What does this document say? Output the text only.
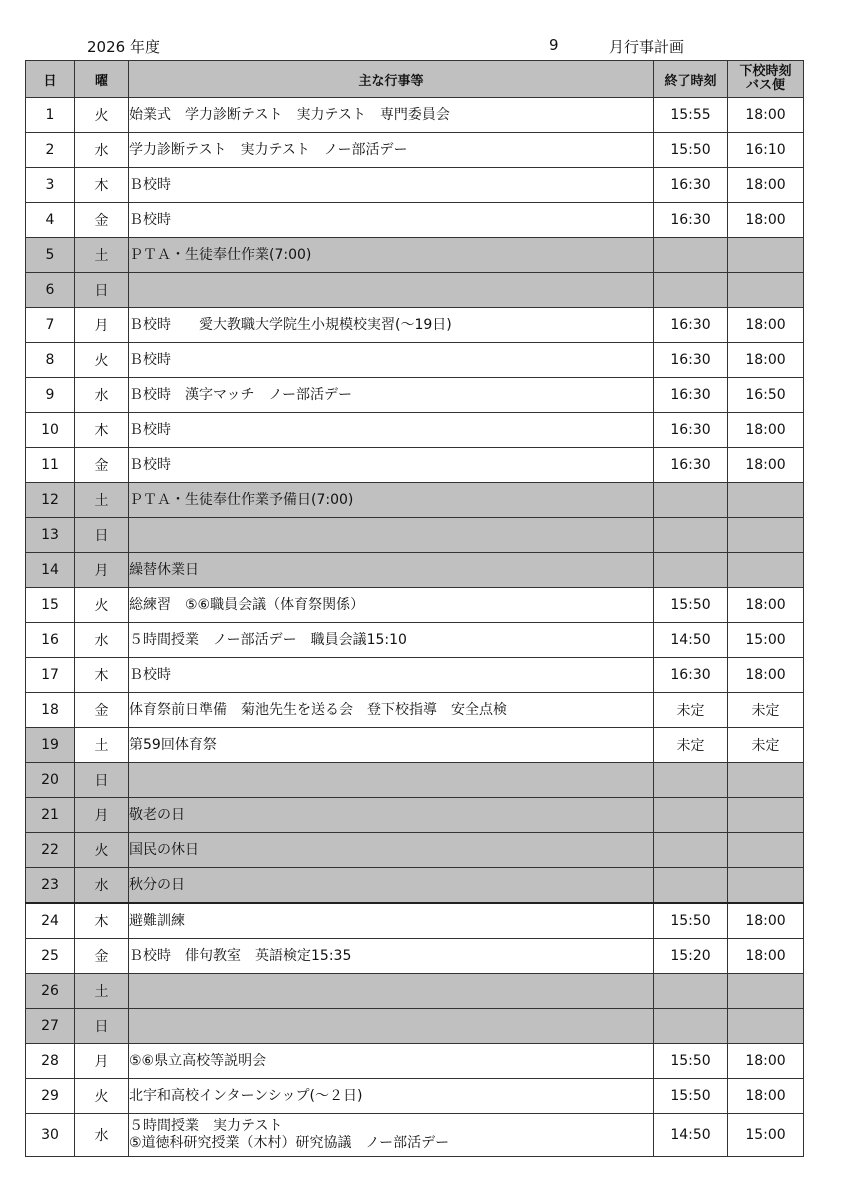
2026 年度	9	月行事計画
日	曜	主な行事等	終了時刻	下校時刻
バス便

1	火	始業式　学力診断テスト　実力テスト　専門委員会	15:55	18:00
2	水	学力診断テスト　実力テスト　ノー部活デー	15:50	16:10
3	木	Ｂ校時	16:30	18:00
4	金	Ｂ校時	16:30	18:00
5	土	ＰＴＡ・生徒奉仕作業(7:00)		
6	日			
7	月	Ｂ校時　　愛大教職大学院生小規模校実習(～19日)	16:30	18:00
8	火	Ｂ校時	16:30	18:00
9	水	Ｂ校時　漢字マッチ　ノー部活デー	16:30	16:50
10	木	Ｂ校時	16:30	18:00
11	金	Ｂ校時	16:30	18:00
12	土	ＰＴＡ・生徒奉仕作業予備日(7:00)		
13	日			
14	月	繰替休業日		
15	火	総練習　⑤⑥職員会議（体育祭関係）	15:50	18:00
16	水	５時間授業　ノー部活デー　職員会議15:10	14:50	15:00
17	木	Ｂ校時	16:30	18:00
18	金	体育祭前日準備　菊池先生を送る会　登下校指導　安全点検	未定	未定
19	土	第59回体育祭	未定	未定
20	日			
21	月	敬老の日		
22	火	国民の休日		
23	水	秋分の日		
24	木	避難訓練	15:50	18:00
25	金	Ｂ校時　俳句教室　英語検定15:35	15:20	18:00
26	土			
27	日			
28	月	⑤⑥県立高校等説明会	15:50	18:00
29	火	北宇和高校インターンシップ(～２日)	15:50	18:00
30	水	５時間授業　実力テスト
⑤道徳科研究授業（木村）研究協議　ノー部活デー	14:50	15:00
